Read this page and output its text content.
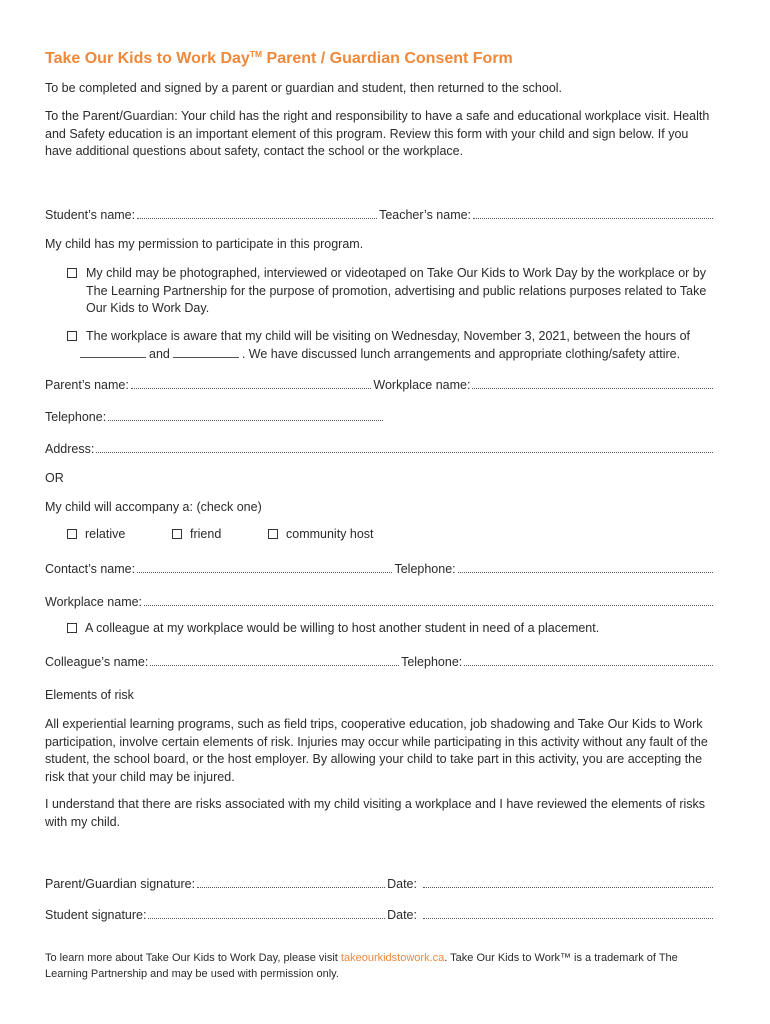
Take Our Kids to Work Day™ Parent / Guardian Consent Form
To be completed and signed by a parent or guardian and student, then returned to the school.
To the Parent/Guardian: Your child has the right and responsibility to have a safe and educational workplace visit. Health and Safety education is an important element of this program. Review this form with your child and sign below. If you have additional questions about safety, contact the school or the workplace.
Student’s name:	Teacher’s name:
My child has my permission to participate in this program.
My child may be photographed, interviewed or videotaped on Take Our Kids to Work Day by the workplace or by The Learning Partnership for the purpose of promotion, advertising and public relations purposes related to Take Our Kids to Work Day.
The workplace is aware that my child will be visiting on Wednesday, November 3, 2021, between the hours of
and	. We have discussed lunch arrangements and appropriate clothing/safety attire.
Parent’s name:	Workplace name:
Telephone:
Address:
OR
My child will accompany a: (check one)
relative	friend	community host
Contact’s name:	Telephone:
Workplace name:
A colleague at my workplace would be willing to host another student in need of a placement.
Colleague’s name:	Telephone:
Elements of risk
All experiential learning programs, such as field trips, cooperative education, job shadowing and Take Our Kids to Work participation, involve certain elements of risk. Injuries may occur while participating in this activity without any fault of the student, the school board, or the host employer. By allowing your child to take part in this activity, you are accepting the risk that your child may be injured.
I understand that there are risks associated with my child visiting a workplace and I have reviewed the elements of risks with my child.
Parent/Guardian signature:	Date:
Student signature:	Date:
To learn more about Take Our Kids to Work Day, please visit takeourkidstowork.ca. Take Our Kids to Work™ is a trademark of The Learning Partnership and may be used with permission only.
